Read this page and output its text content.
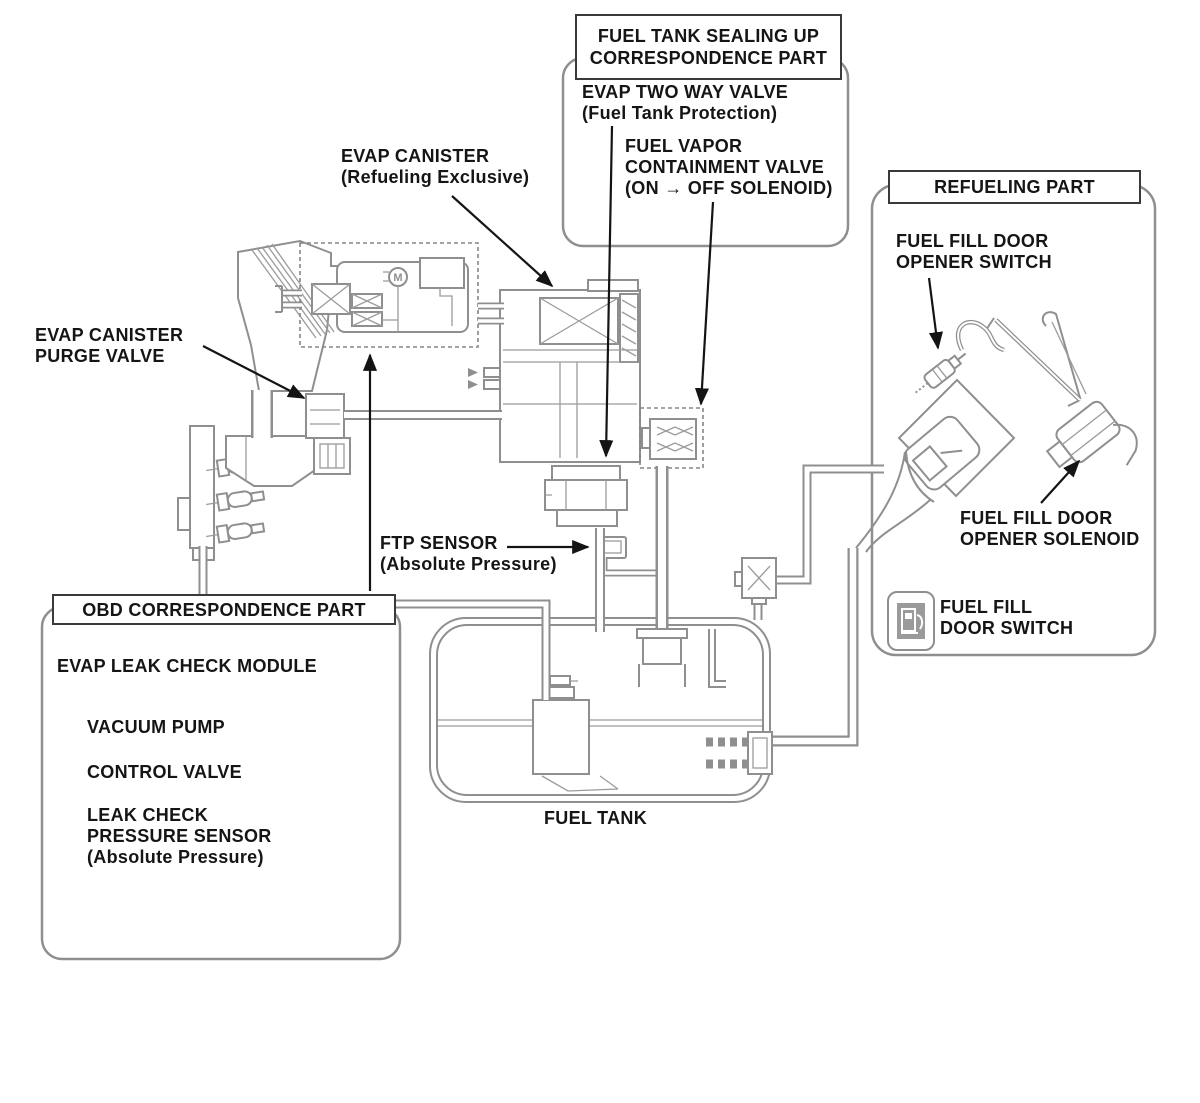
M
FUEL TANK SEALING UP
CORRESPONDENCE PART
REFUELING PART
OBD CORRESPONDENCE PART
EVAP TWO WAY VALVE
(Fuel Tank Protection)
FUEL VAPOR
CONTAINMENT VALVE
(ON → OFF SOLENOID)
EVAP CANISTER
(Refueling Exclusive)
EVAP CANISTER
PURGE VALVE
FTP SENSOR
(Absolute Pressure)
FUEL FILL DOOR
OPENER SWITCH
FUEL FILL DOOR
OPENER SOLENOID
FUEL FILL
DOOR SWITCH
EVAP LEAK CHECK MODULE
VACUUM PUMP
CONTROL VALVE
LEAK CHECK
PRESSURE SENSOR
(Absolute Pressure)
FUEL TANK
